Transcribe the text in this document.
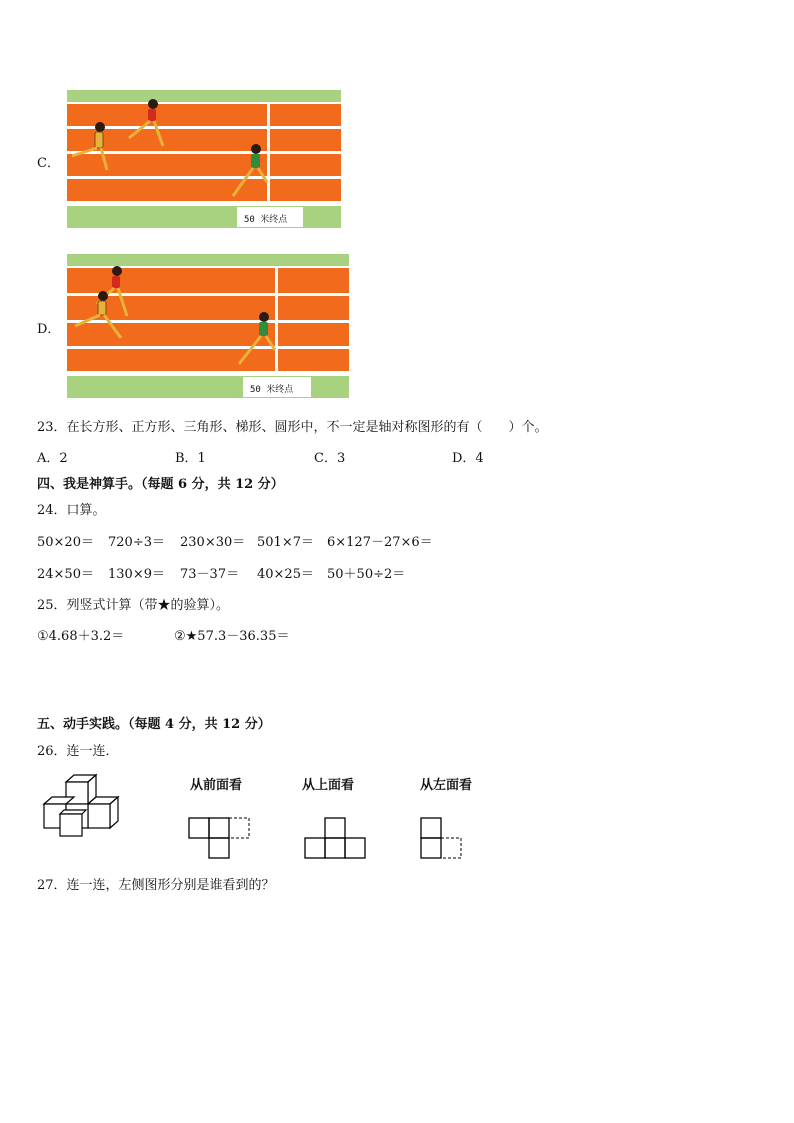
C．
50 米终点
D．
50 米终点
23．在长方形、正方形、三角形、梯形、圆形中，不一定是轴对称图形的有（　　）个。
A．2	B．1	C．3	D．4
四、我是神算手。（每题 6 分，共 12 分）
24．口算。
50×20＝ 720÷3＝ 230×30＝ 501×7＝ 6×127－27×6＝
24×50＝ 130×9＝ 73－37＝ 40×25＝ 50＋50÷2＝
25．列竖式计算（带★的验算）。
①4.68＋3.2＝	②★57.3－36.35＝
五、动手实践。（每题 4 分，共 12 分）
26．连一连．
从前面看	从上面看	从左面看
27．连一连，左侧图形分别是谁看到的？
